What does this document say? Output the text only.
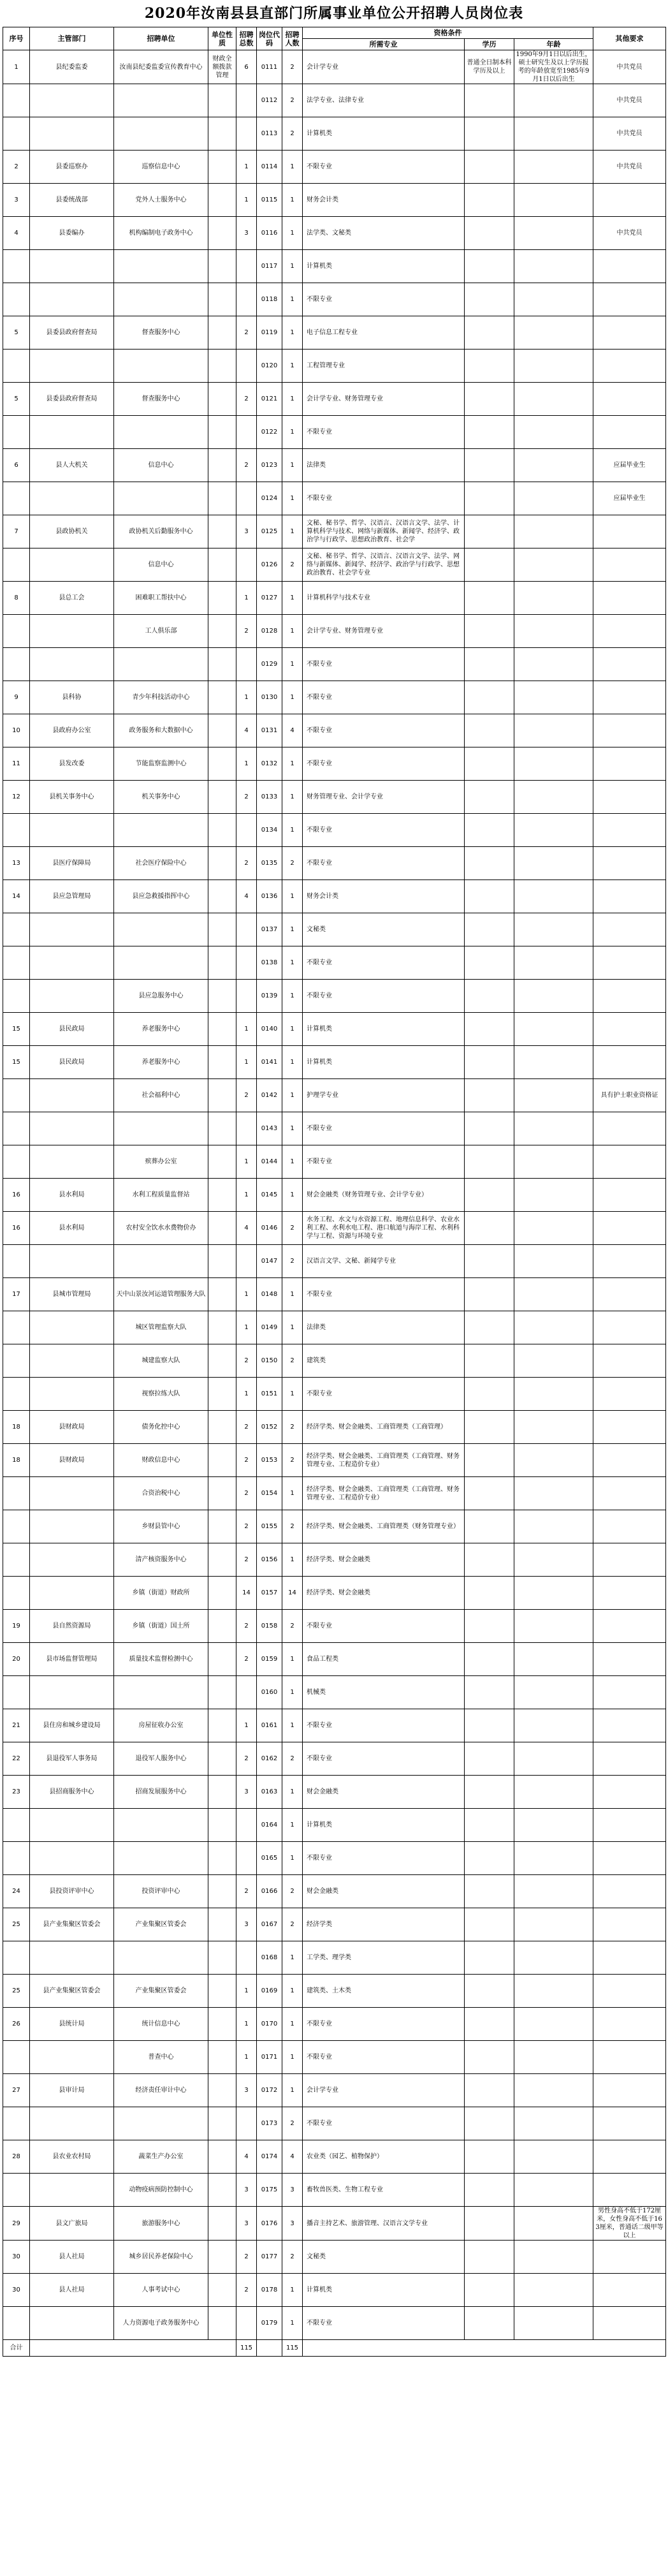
2020年汝南县县直部门所属事业单位公开招聘人员岗位表
序号	主管部门	招聘单位	单位性质	招聘总数	岗位代码	招聘人数	资格条件			其他要求
							所需专业	学历	年龄	
1	县纪委监委	汝南县纪委监委宣传教育中心	财政全额拨款管理	6	0111	2	会计学专业	普通全日制本科学历及以上	1990年9月1日以后出生，硕士研究生及以上学历报考的年龄放宽至1985年9月1日以后出生	中共党员
					0112	2	法学专业、法律专业			中共党员
					0113	2	计算机类			中共党员
2	县委巡察办	巡察信息中心		1	0114	1	不限专业			中共党员
3	县委统战部	党外人士服务中心		1	0115	1	财务会计类			
4	县委编办	机构编制电子政务中心		3	0116	1	法学类、文秘类			中共党员
					0117	1	计算机类			
					0118	1	不限专业			
5	县委县政府督查局	督查服务中心		2	0119	1	电子信息工程专业			
					0120	1	工程管理专业			
5	县委县政府督查局	督查服务中心		2	0121	1	会计学专业、财务管理专业			
					0122	1	不限专业			
6	县人大机关	信息中心		2	0123	1	法律类			应届毕业生
					0124	1	不限专业			应届毕业生
7	县政协机关	政协机关后勤服务中心		3	0125	1	文秘、秘书学、哲学、汉语言、汉语言文学、法学、计算机科学与技术、网络与新媒体、新闻学、经济学、政治学与行政学、思想政治教育、社会学			
		信息中心			0126	2	文秘、秘书学、哲学、汉语言、汉语言文学、法学、网络与新媒体、新闻学、经济学、政治学与行政学、思想政治教育、社会学专业			
8	县总工会	困难职工帮扶中心		1	0127	1	计算机科学与技术专业			
		工人俱乐部		2	0128	1	会计学专业、财务管理专业			
					0129	1	不限专业			
9	县科协	青少年科技活动中心		1	0130	1	不限专业			
10	县政府办公室	政务服务和大数据中心		4	0131	4	不限专业			
11	县发改委	节能监察监测中心		1	0132	1	不限专业			
12	县机关事务中心	机关事务中心		2	0133	1	财务管理专业、会计学专业			
					0134	1	不限专业			
13	县医疗保障局	社会医疗保险中心		2	0135	2	不限专业			
14	县应急管理局	县应急救援指挥中心		4	0136	1	财务会计类			
					0137	1	文秘类			
					0138	1	不限专业			
		县应急服务中心			0139	1	不限专业			
15	县民政局	养老服务中心		1	0140	1	计算机类			
15	县民政局	养老服务中心		1	0141	1	计算机类			
		社会福利中心		2	0142	1	护理学专业			具有护士职业资格证
					0143	1	不限专业			
		殡葬办公室		1	0144	1	不限专业			
16	县水利局	水利工程质量监督站		1	0145	1	财会金融类（财务管理专业、会计学专业）			
16	县水利局	农村安全饮水水费物价办		4	0146	2	水务工程、水文与水资源工程、地理信息科学、农业水利工程、水利水电工程、港口航道与海岸工程、水利科学与工程、资源与环境专业			
					0147	2	汉语言文学、文秘、新闻学专业			
17	县城市管理局	天中山景汝河运道管理服务大队		1	0148	1	不限专业			
		城区管理监察大队		1	0149	1	法律类			
		城建监察大队		2	0150	2	建筑类			
		视察拉练大队		1	0151	1	不限专业			
18	县财政局	债务化控中心		2	0152	2	经济学类、财会金融类、工商管理类（工商管理）			
18	县财政局	财政信息中心		2	0153	2	经济学类、财会金融类、工商管理类（工商管理、财务管理专业、工程造价专业）			
		合资治税中心		2	0154	1	经济学类、财会金融类、工商管理类（工商管理、财务管理专业、工程造价专业）			
		乡财县管中心		2	0155	2	经济学类、财会金融类、工商管理类（财务管理专业）			
		清产核资服务中心		2	0156	1	经济学类、财会金融类			
		乡镇（街道）财政所		14	0157	14	经济学类、财会金融类			
19	县自然资源局	乡镇（街道）国土所		2	0158	2	不限专业			
20	县市场监督管理局	质量技术监督检测中心		2	0159	1	食品工程类			
					0160	1	机械类			
21	县住房和城乡建设局	房屋征收办公室		1	0161	1	不限专业			
22	县退役军人事务局	退役军人服务中心		2	0162	2	不限专业			
23	县招商服务中心	招商发展服务中心		3	0163	1	财会金融类			
					0164	1	计算机类			
					0165	1	不限专业			
24	县投资评审中心	投资评审中心		2	0166	2	财会金融类			
25	县产业集聚区管委会	产业集聚区管委会		3	0167	2	经济学类			
					0168	1	工学类、理学类			
25	县产业集聚区管委会	产业集聚区管委会		1	0169	1	建筑类、土木类			
26	县统计局	统计信息中心		1	0170	1	不限专业			
		普查中心		1	0171	1	不限专业			
27	县审计局	经济责任审计中心		3	0172	1	会计学专业			
					0173	2	不限专业			
28	县农业农村局	蔬菜生产办公室		4	0174	4	农业类（园艺、植物保护）			
		动物疫病预防控制中心		3	0175	3	畜牧兽医类、生物工程专业			
29	县文广旅局	旅游服务中心		3	0176	3	播音主持艺术、旅游管理、汉语言文学专业			男性身高不低于172厘米，女性身高不低于163厘米，普通话二级甲等以上
30	县人社局	城乡居民养老保险中心		2	0177	2	文秘类			
30	县人社局	人事考试中心		2	0178	1	计算机类			
		人力资源电子政务服务中心			0179	1	不限专业			
合计				115		115				
